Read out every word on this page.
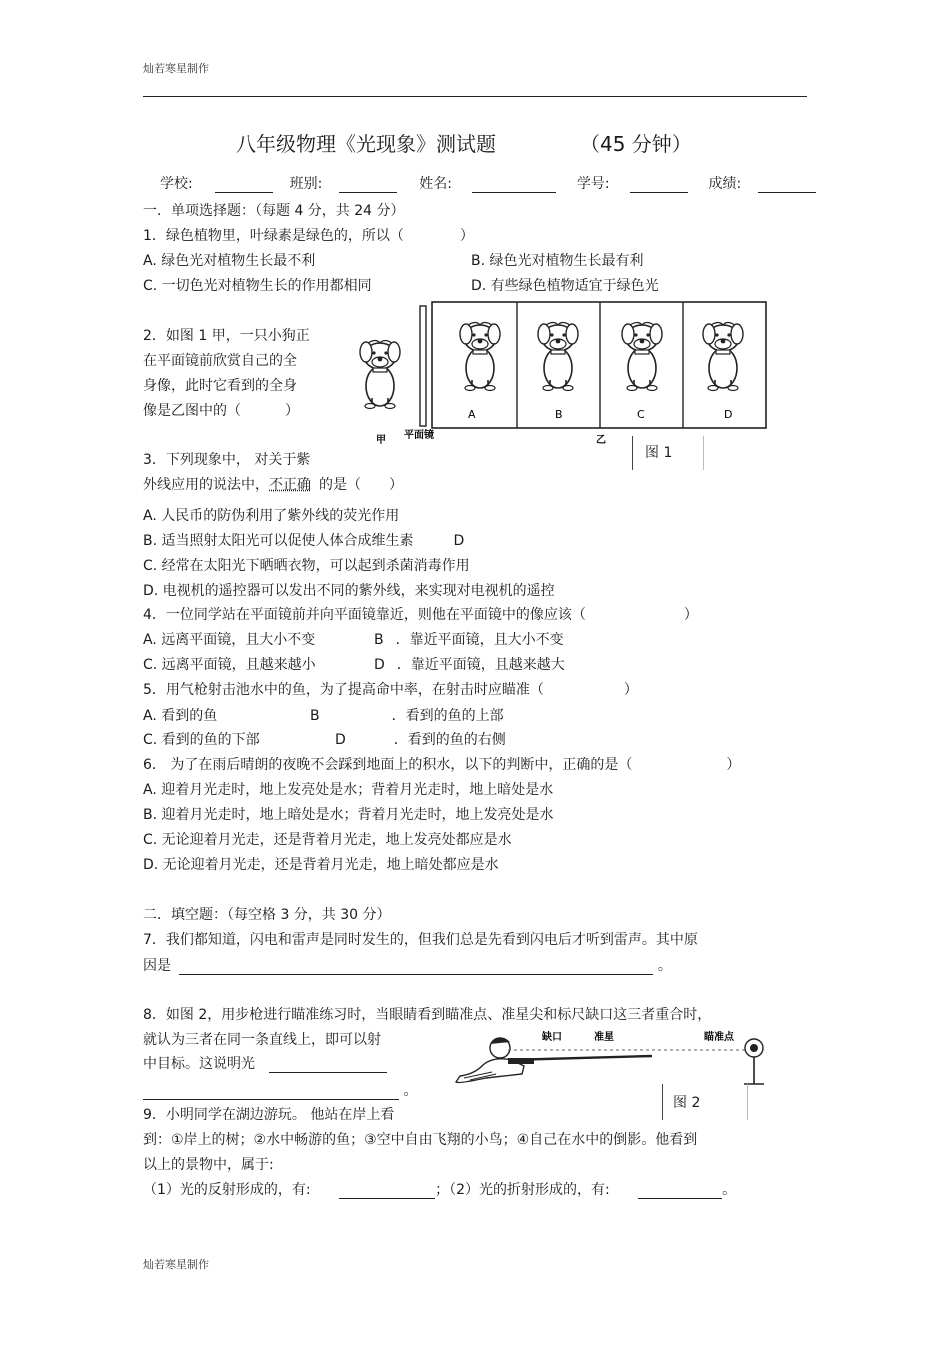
灿若寒星制作
八年级物理《光现象》测试题	（45 分钟）
学校:	班别:	姓名:	学号:	成绩:
一．单项选择题：（每题 4 分，共 24 分）
1．绿色植物里，叶绿素是绿色的，所以（	）
A. 绿色光对植物生长最不利	B. 绿色光对植物生长最有利
C. 一切色光对植物生长的作用都相同	D. 有些绿色植物适宜于绿色光
2．如图 1 甲，一只小狗正
在平面镜前欣赏自己的全
身像，此时它看到的全身
像是乙图中的（	）	A	B	C	D
甲 平面镜	乙
图 1
3．下列现象中， 对关于紫
外线应用的说法中，不正确 的是（ ）
A. 人民币的防伪利用了紫外线的荧光作用
B. 适当照射太阳光可以促使人体合成维生素	D
C. 经常在太阳光下晒晒衣物，可以起到杀菌消毒作用
D. 电视机的遥控器可以发出不同的紫外线，来实现对电视机的遥控
4．一位同学站在平面镜前并向平面镜靠近，则他在平面镜中的像应该（	）
A. 远离平面镜，且大小不变	B ．靠近平面镜，且大小不变
C. 远离平面镜，且越来越小	D ．靠近平面镜，且越来越大
5．用气枪射击池水中的鱼，为了提高命中率，在射击时应瞄准（	）
A. 看到的鱼	B	．看到的鱼的上部
C. 看到的鱼的下部	D	．看到的鱼的右侧
6． 为了在雨后晴朗的夜晚不会踩到地面上的积水，以下的判断中，正确的是（	）
A. 迎着月光走时，地上发亮处是水；背着月光走时，地上暗处是水
B. 迎着月光走时，地上暗处是水；背着月光走时，地上发亮处是水
C. 无论迎着月光走，还是背着月光走，地上发亮处都应是水
D. 无论迎着月光走，还是背着月光走，地上暗处都应是水
二．填空题：（每空格 3 分，共 30 分）
7．我们都知道，闪电和雷声是同时发生的，但我们总是先看到闪电后才听到雷声。其中原
因是	。
8．如图 2，用步枪进行瞄准练习时，当眼睛看到瞄准点、准星尖和标尺缺口这三者重合时，
就认为三者在同一条直线上，即可以射
中目标。这说明光
。
缺口	准星	瞄准点
图 2
9．小明同学在湖边游玩。 他站在岸上看
到：①岸上的树；②水中畅游的鱼；③空中自由飞翔的小鸟；④自己在水中的倒影。他看到
以上的景物中，属于:
（1）光的反射形成的，有:	；（2）光的折射形成的，有:	。
灿若寒星制作
